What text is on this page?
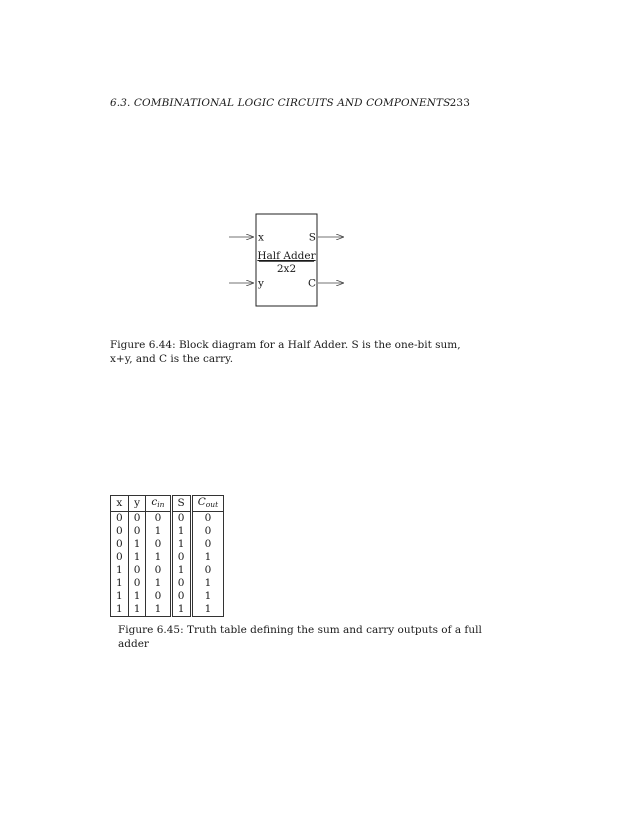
6.3. COMBINATIONAL LOGIC CIRCUITS AND COMPONENTS 233
x
y
S
C
Half Adder
2x2
Figure 6.44: Block diagram for a Half Adder. S is the one-bit sum, x+y, and C is the carry.
x	y	$c_{in}$	S	$C_{out}$
0	0	0	0	0
0	0	1	1	0
0	1	0	1	0
0	1	1	0	1
1	0	0	1	0
1	0	1	0	1
1	1	0	0	1
1	1	1	1	1
Figure 6.45: Truth table defining the sum and carry outputs of a full adder
